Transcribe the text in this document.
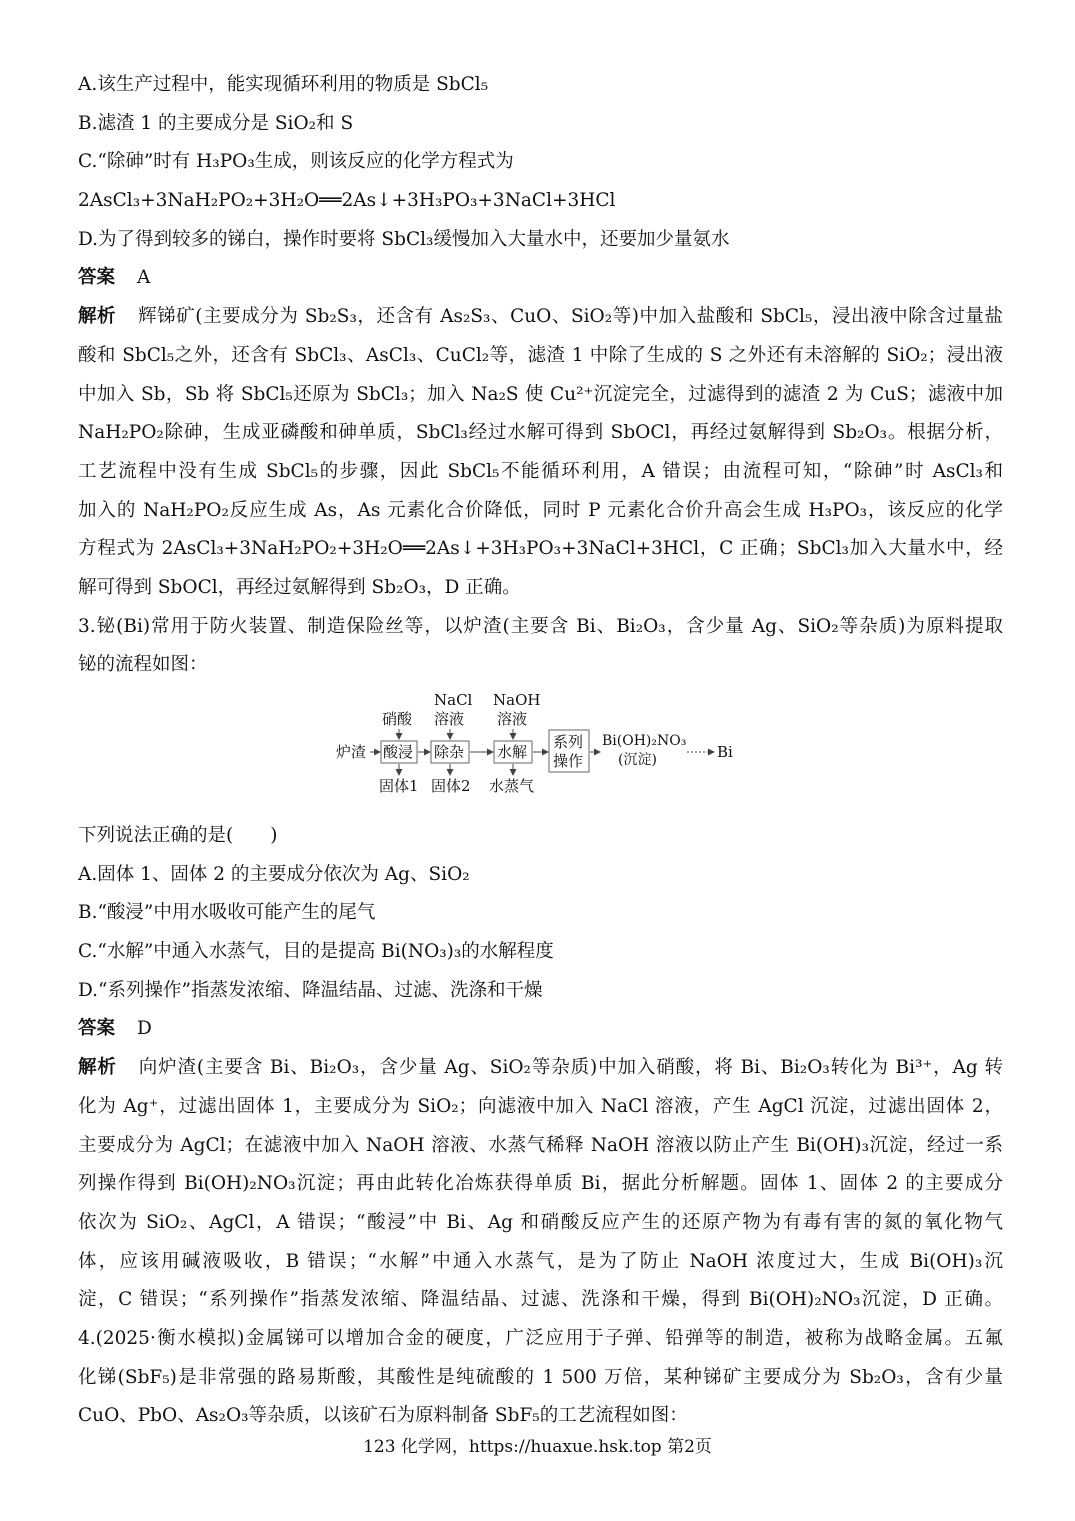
A.该生产过程中，能实现循环利用的物质是 SbCl₅
B.滤渣 1 的主要成分是 SiO₂和 S
C.“除砷”时有 H₃PO₃生成，则该反应的化学方程式为
2AsCl₃+3NaH₂PO₂+3H₂O══2As↓+3H₃PO₃+3NaCl+3HCl
D.为了得到较多的锑白，操作时要将 SbCl₃缓慢加入大量水中，还要加少量氨水
答案 A
解析 辉锑矿(主要成分为 Sb₂S₃，还含有 As₂S₃、CuO、SiO₂等)中加入盐酸和 SbCl₅，浸出液中除含过量盐
酸和 SbCl₅之外，还含有 SbCl₃、AsCl₃、CuCl₂等，滤渣 1 中除了生成的 S 之外还有未溶解的 SiO₂；浸出液
中加入 Sb，Sb 将 SbCl₅还原为 SbCl₃；加入 Na₂S 使 Cu²⁺沉淀完全，过滤得到的滤渣 2 为 CuS；滤液中加
NaH₂PO₂除砷，生成亚磷酸和砷单质，SbCl₃经过水解可得到 SbOCl，再经过氨解得到 Sb₂O₃。根据分析，
工艺流程中没有生成 SbCl₅的步骤，因此 SbCl₅不能循环利用，A 错误；由流程可知，“除砷”时 AsCl₃和
加入的 NaH₂PO₂反应生成 As，As 元素化合价降低，同时 P 元素化合价升高会生成 H₃PO₃，该反应的化学
方程式为 2AsCl₃+3NaH₂PO₂+3H₂O══2As↓+3H₃PO₃+3NaCl+3HCl，C 正确；SbCl₃加入大量水中，经
解可得到 SbOCl，再经过氨解得到 Sb₂O₃，D 正确。
3.铋(Bi)常用于防火装置、制造保险丝等，以炉渣(主要含 Bi、Bi₂O₃，含少量 Ag、SiO₂等杂质)为原料提取
铋的流程如图：
炉渣 酸浸
硝酸
固体1
除杂
NaCl
溶液
固体2
水解
NaOH
溶液
水蒸气
系列
操作
Bi(OH)₂NO₃
(沉淀)	Bi
下列说法正确的是(　　)
A.固体 1、固体 2 的主要成分依次为 Ag、SiO₂
B.“酸浸”中用水吸收可能产生的尾气
C.“水解”中通入水蒸气，目的是提高 Bi(NO₃)₃的水解程度
D.“系列操作”指蒸发浓缩、降温结晶、过滤、洗涤和干燥
答案 D
解析 向炉渣(主要含 Bi、Bi₂O₃，含少量 Ag、SiO₂等杂质)中加入硝酸，将 Bi、Bi₂O₃转化为 Bi³⁺，Ag 转
化为 Ag⁺，过滤出固体 1，主要成分为 SiO₂；向滤液中加入 NaCl 溶液，产生 AgCl 沉淀，过滤出固体 2，
主要成分为 AgCl；在滤液中加入 NaOH 溶液、水蒸气稀释 NaOH 溶液以防止产生 Bi(OH)₃沉淀，经过一系
列操作得到 Bi(OH)₂NO₃沉淀；再由此转化冶炼获得单质 Bi，据此分析解题。固体 1、固体 2 的主要成分
依次为 SiO₂、AgCl，A 错误；“酸浸”中 Bi、Ag 和硝酸反应产生的还原产物为有毒有害的氮的氧化物气
体，应该用碱液吸收，B 错误；“水解”中通入水蒸气，是为了防止 NaOH 浓度过大，生成 Bi(OH)₃沉
淀，C 错误；“系列操作”指蒸发浓缩、降温结晶、过滤、洗涤和干燥，得到 Bi(OH)₂NO₃沉淀，D 正确。
4.(2025·衡水模拟)金属锑可以增加合金的硬度，广泛应用于子弹、铅弹等的制造，被称为战略金属。五氟
化锑(SbF₅)是非常强的路易斯酸，其酸性是纯硫酸的 1 500 万倍，某种锑矿主要成分为 Sb₂O₃，含有少量
CuO、PbO、As₂O₃等杂质，以该矿石为原料制备 SbF₅的工艺流程如图：
123 化学网，https://huaxue.hsk.top 第2页
